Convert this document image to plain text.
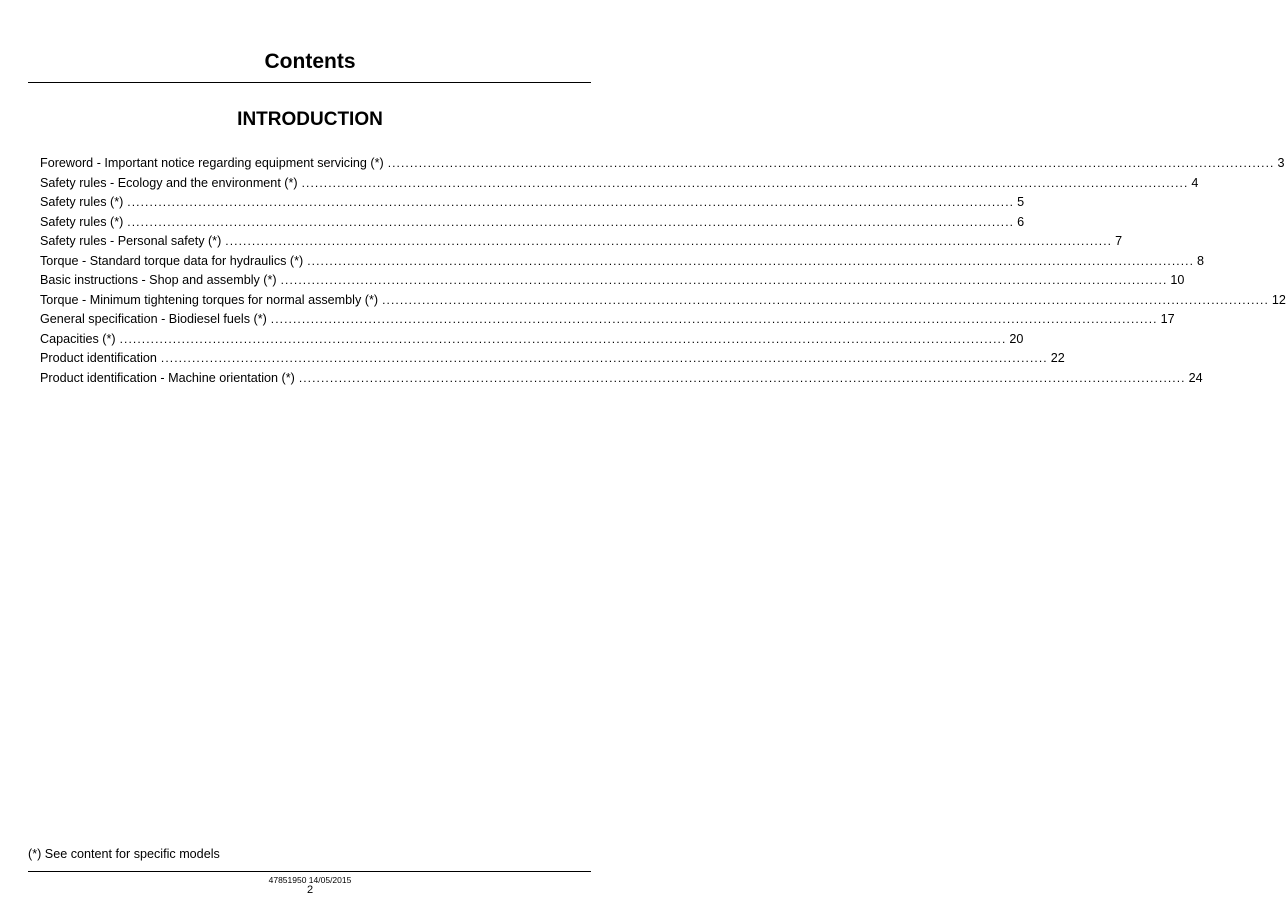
Contents
INTRODUCTION
Foreword - Important notice regarding equipment servicing (*) ........................................................................................................................................................................................................ 3
Safety rules - Ecology and the environment (*) ........................................................................................................................................................................................................ 4
Safety rules (*) ........................................................................................................................................................................................................ 5
Safety rules (*) ........................................................................................................................................................................................................ 6
Safety rules - Personal safety (*) ........................................................................................................................................................................................................ 7
Torque - Standard torque data for hydraulics (*) ........................................................................................................................................................................................................ 8
Basic instructions - Shop and assembly (*) ........................................................................................................................................................................................................ 10
Torque - Minimum tightening torques for normal assembly (*) ........................................................................................................................................................................................................ 12
General specification - Biodiesel fuels (*) ........................................................................................................................................................................................................ 17
Capacities (*) ........................................................................................................................................................................................................ 20
Product identification ........................................................................................................................................................................................................ 22
Product identification - Machine orientation (*) ........................................................................................................................................................................................................ 24
(*) See content for specific models
47851950 14/05/2015
2
